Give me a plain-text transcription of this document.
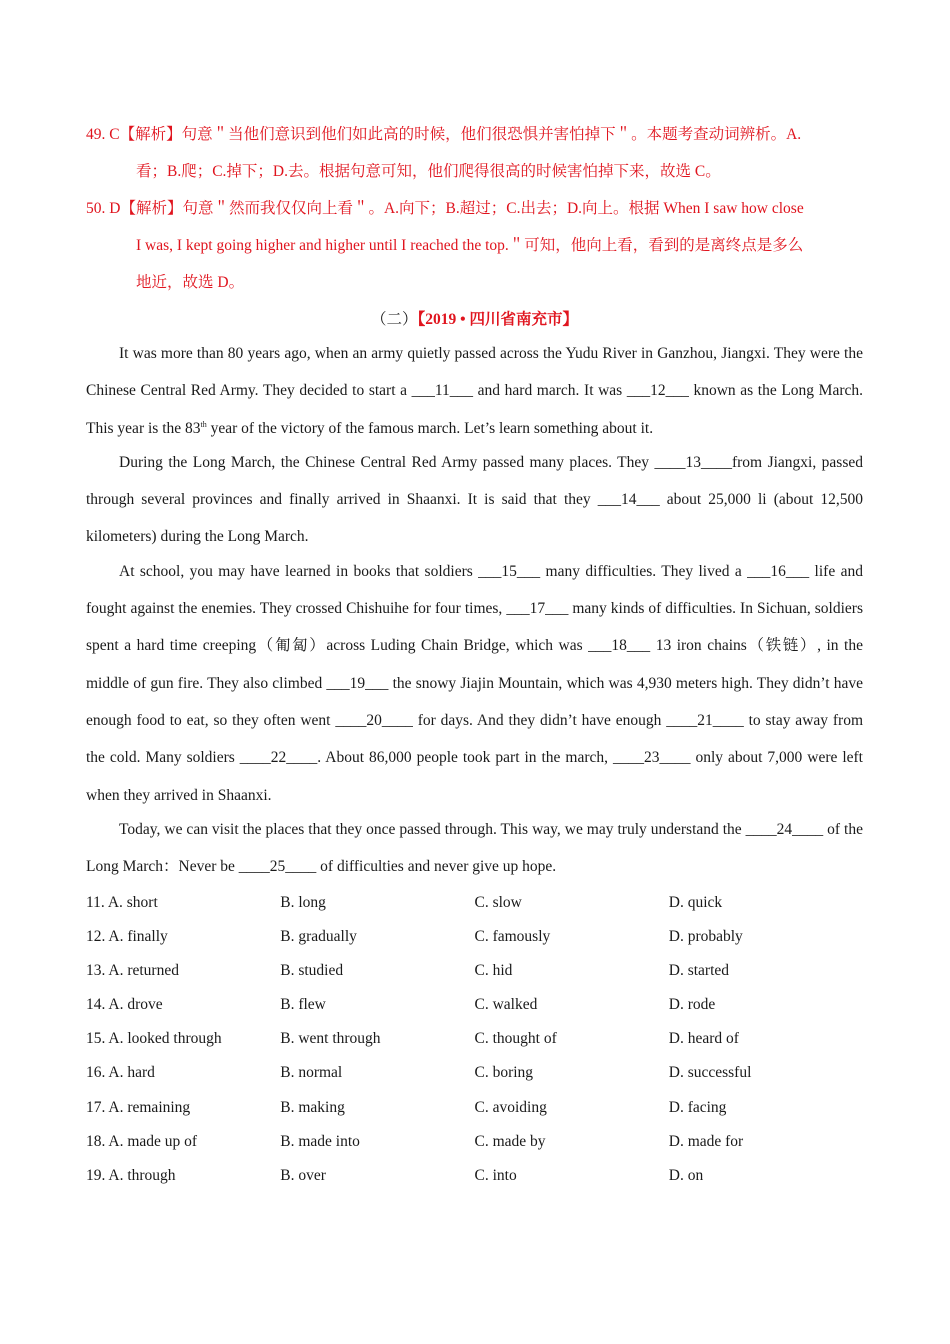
49. C【解析】句意＂当他们意识到他们如此高的时候，他们很恐惧并害怕掉下＂。本题考查动词辨析。A.
看；B.爬；C.掉下；D.去。根据句意可知，他们爬得很高的时候害怕掉下来，故选 C。
50. D【解析】句意＂然而我仅仅向上看＂。A.向下；B.超过；C.出去；D.向上。根据 When I saw how close
I was, I kept going higher and higher until I reached the top.＂可知，他向上看，看到的是离终点是多么
地近，故选 D。
（二）【2019 • 四川省南充市】
It was more than 80 years ago, when an army quietly passed across the Yudu River in Ganzhou, Jiangxi. They were the Chinese Central Red Army. They decided to start a ___11___ and hard march. It was ___12___ known as the Long March. This year is the 83th year of the victory of the famous march. Let’s learn something about it.
During the Long March, the Chinese Central Red Army passed many places. They ____13____from Jiangxi, passed through several provinces and finally arrived in Shaanxi. It is said that they ___14___ about 25,000 li (about 12,500 kilometers) during the Long March.
At school, you may have learned in books that soldiers ___15___ many difficulties. They lived a ___16___ life and fought against the enemies. They crossed Chishuihe for four times, ___17___ many kinds of difficulties. In Sichuan, soldiers spent a hard time creeping（匍匐）across Luding Chain Bridge, which was ___18___ 13 iron chains（铁链）, in the middle of gun fire. They also climbed ___19___ the snowy Jiajin Mountain, which was 4,930 meters high. They didn’t have enough food to eat, so they often went ____20____ for days. And they didn’t have enough ____21____ to stay away from the cold. Many soldiers ____22____. About 86,000 people took part in the march, ____23____ only about 7,000 were left when they arrived in Shaanxi.
Today, we can visit the places that they once passed through. This way, we may truly understand the ____24____ of the Long March：Never be ____25____ of difficulties and never give up hope.
11. A. short	B. long	C. slow	D. quick
12. A. finally	B. gradually	C. famously	D. probably
13. A. returned	B. studied	C. hid	D. started
14. A. drove	B. flew	C. walked	D. rode
15. A. looked through	B. went through	C. thought of	D. heard of
16. A. hard	B. normal	C. boring	D. successful
17. A. remaining	B. making	C. avoiding	D. facing
18. A. made up of	B. made into	C. made by	D. made for
19. A. through	B. over	C. into	D. on
